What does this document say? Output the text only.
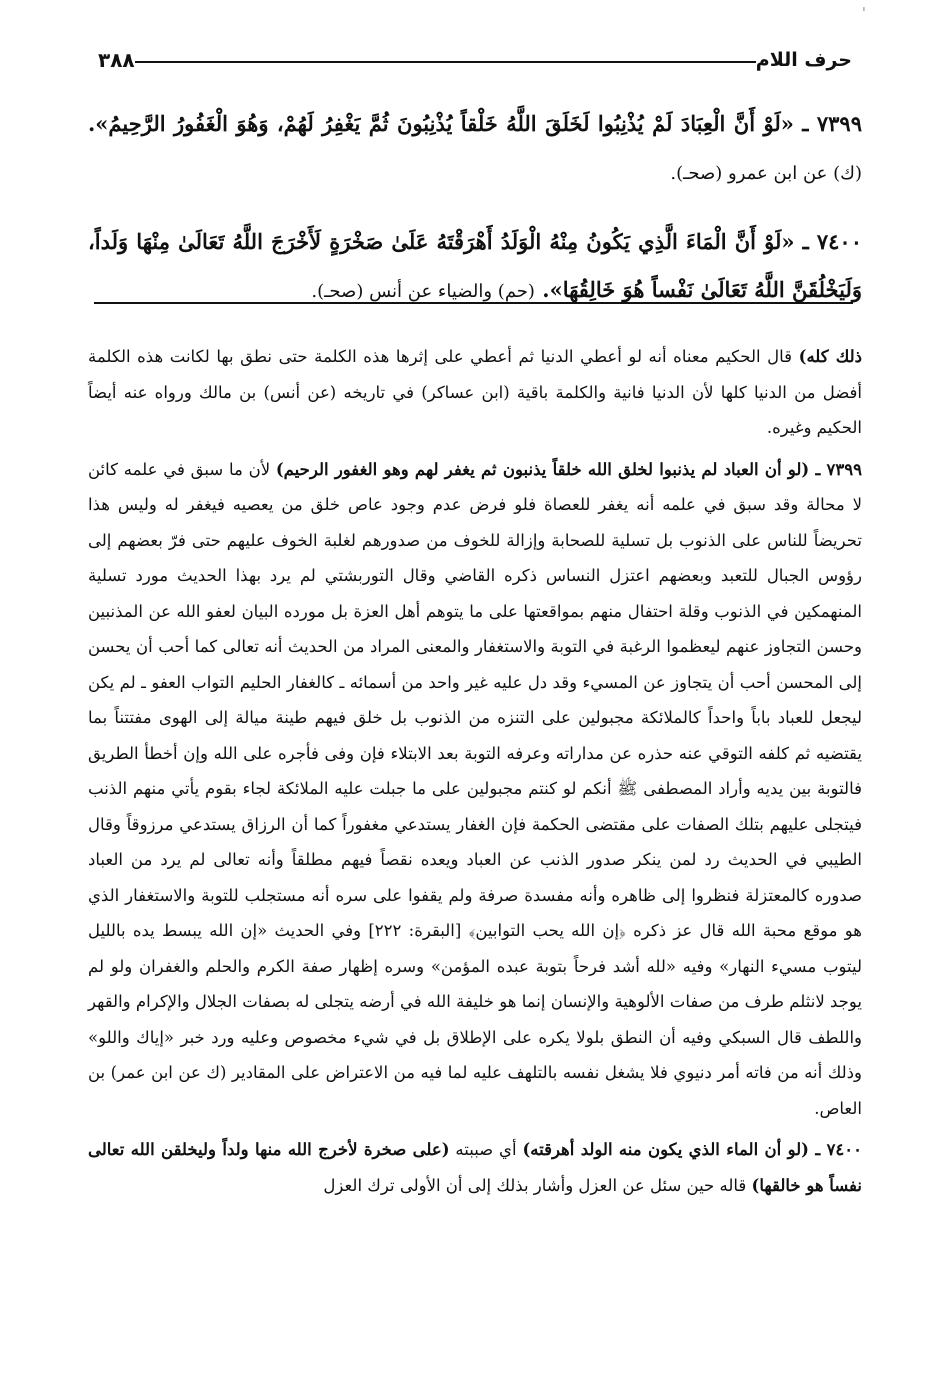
ˈ
حرف اللام
٣٨٨

٧٣٩٩ ـ «لَوْ أَنَّ الْعِبَادَ لَمْ يُذْنِبُوا لَخَلَقَ اللَّهُ خَلْقاً يُذْنِبُونَ ثُمَّ يَغْفِرُ لَهُمْ، وَهُوَ الْغَفُورُ الرَّحِيمُ». (ك) عن ابن عمرو (صحـ).

٧٤٠٠ ـ «لَوْ أَنَّ الْمَاءَ الَّذِي يَكُونُ مِنْهُ الْوَلَدُ أَهْرَقْتَهُ عَلَىٰ صَخْرَةٍ لَأَخْرَجَ اللَّهُ تَعَالَىٰ مِنْهَا وَلَداً، وَلَيَخْلُقَنَّ اللَّهُ تَعَالَىٰ نَفْساً هُوَ خَالِقُهَا». (حم) والضياء عن أنس (صحـ).

ذلك كله) قال الحكيم معناه أنه لو أعطي الدنيا ثم أعطي على إثرها هذه الكلمة حتى نطق بها لكانت هذه الكلمة أفضل من الدنيا كلها لأن الدنيا فانية والكلمة باقية (ابن عساكر) في تاريخه (عن أنس) بن مالك ورواه عنه أيضاً الحكيم وغيره.

٧٣٩٩ ـ (لو أن العباد لم يذنبوا لخلق الله خلقاً يذنبون ثم يغفر لهم وهو الغفور الرحيم) لأن ما سبق في علمه كائن لا محالة وقد سبق في علمه أنه يغفر للعصاة فلو فرض عدم وجود عاص خلق من يعصيه فيغفر له وليس هذا تحريضاً للناس على الذنوب بل تسلية للصحابة وإزالة للخوف من صدورهم لغلبة الخوف عليهم حتى فرّ بعضهم إلى رؤوس الجبال للتعبد وبعضهم اعتزل النساس ذكره القاضي وقال التوربشتي لم يرد بهذا الحديث مورد تسلية المنهمكين في الذنوب وقلة احتفال منهم بمواقعتها على ما يتوهم أهل العزة بل مورده البيان لعفو الله عن المذنبين وحسن التجاوز عنهم ليعظموا الرغبة في التوبة والاستغفار والمعنى المراد من الحديث أنه تعالى كما أحب أن يحسن إلى المحسن أحب أن يتجاوز عن المسيء وقد دل عليه غير واحد من أسمائه ـ كالغفار الحليم التواب العفو ـ لم يكن ليجعل للعباد باباً واحداً كالملائكة مجبولين على التنزه من الذنوب بل خلق فيهم طينة ميالة إلى الهوى مفتتناً بما يقتضيه ثم كلفه التوقي عنه حذره عن مداراته وعرفه التوبة بعد الابتلاء فإن وفى فأجره على الله وإن أخطأ الطريق فالتوبة بين يديه وأراد المصطفى ﷺ أنكم لو كنتم مجبولين على ما جبلت عليه الملائكة لجاء بقوم يأتي منهم الذنب فيتجلى عليهم بتلك الصفات على مقتضى الحكمة فإن الغفار يستدعي مغفوراً كما أن الرزاق يستدعي مرزوقاً وقال الطيبي في الحديث رد لمن ينكر صدور الذنب عن العباد ويعده نقصاً فيهم مطلقاً وأنه تعالى لم يرد من العباد صدوره كالمعتزلة فنظروا إلى ظاهره وأنه مفسدة صرفة ولم يقفوا على سره أنه مستجلب للتوبة والاستغفار الذي هو موقع محبة الله قال عز ذكره ﴿إن الله يحب التوابين﴾ [البقرة: ٢٢٢] وفي الحديث «إن الله يبسط يده بالليل ليتوب مسيء النهار» وفيه «لله أشد فرحاً بتوبة عبده المؤمن» وسره إظهار صفة الكرم والحلم والغفران ولو لم يوجد لانثلم طرف من صفات الألوهية والإنسان إنما هو خليفة الله في أرضه يتجلى له بصفات الجلال والإكرام والقهر واللطف قال السبكي وفيه أن النطق بلولا يكره على الإطلاق بل في شيء مخصوص وعليه ورد خبر «إياك واللو» وذلك أنه من فاته أمر دنيوي فلا يشغل نفسه بالتلهف عليه لما فيه من الاعتراض على المقادير (ك عن ابن عمر) بن العاص.

٧٤٠٠ ـ (لو أن الماء الذي يكون منه الولد أهرقته) أي صببته (على صخرة لأخرج الله منها ولداً وليخلقن الله تعالى نفساً هو خالقها) قاله حين سئل عن العزل وأشار بذلك إلى أن الأولى ترك العزل
